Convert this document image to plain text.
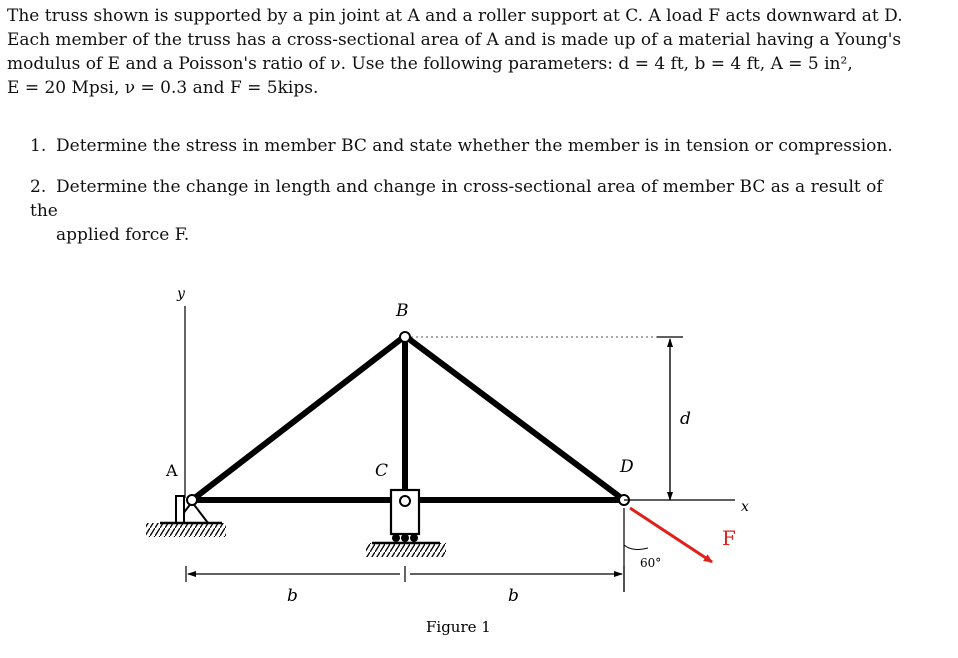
The truss shown is supported by a pin joint at A and a roller support at C. A load F acts downward at D.
Each member of the truss has a cross-sectional area of A and is made up of a material having a Young's
modulus of E and a Poisson's ratio of ν. Use the following parameters: d = 4 ft, b = 4 ft, A = 5 in²,
E = 20 Mpsi, ν = 0.3 and F = 5kips.

1. Determine the stress in member BC and state whether the member is in tension or compression.
2. Determine the change in length and change in cross-sectional area of member BC as a result of the
applied force F.
y
A
B
C	D
d
x
F
60°
b	b
Figure 1
